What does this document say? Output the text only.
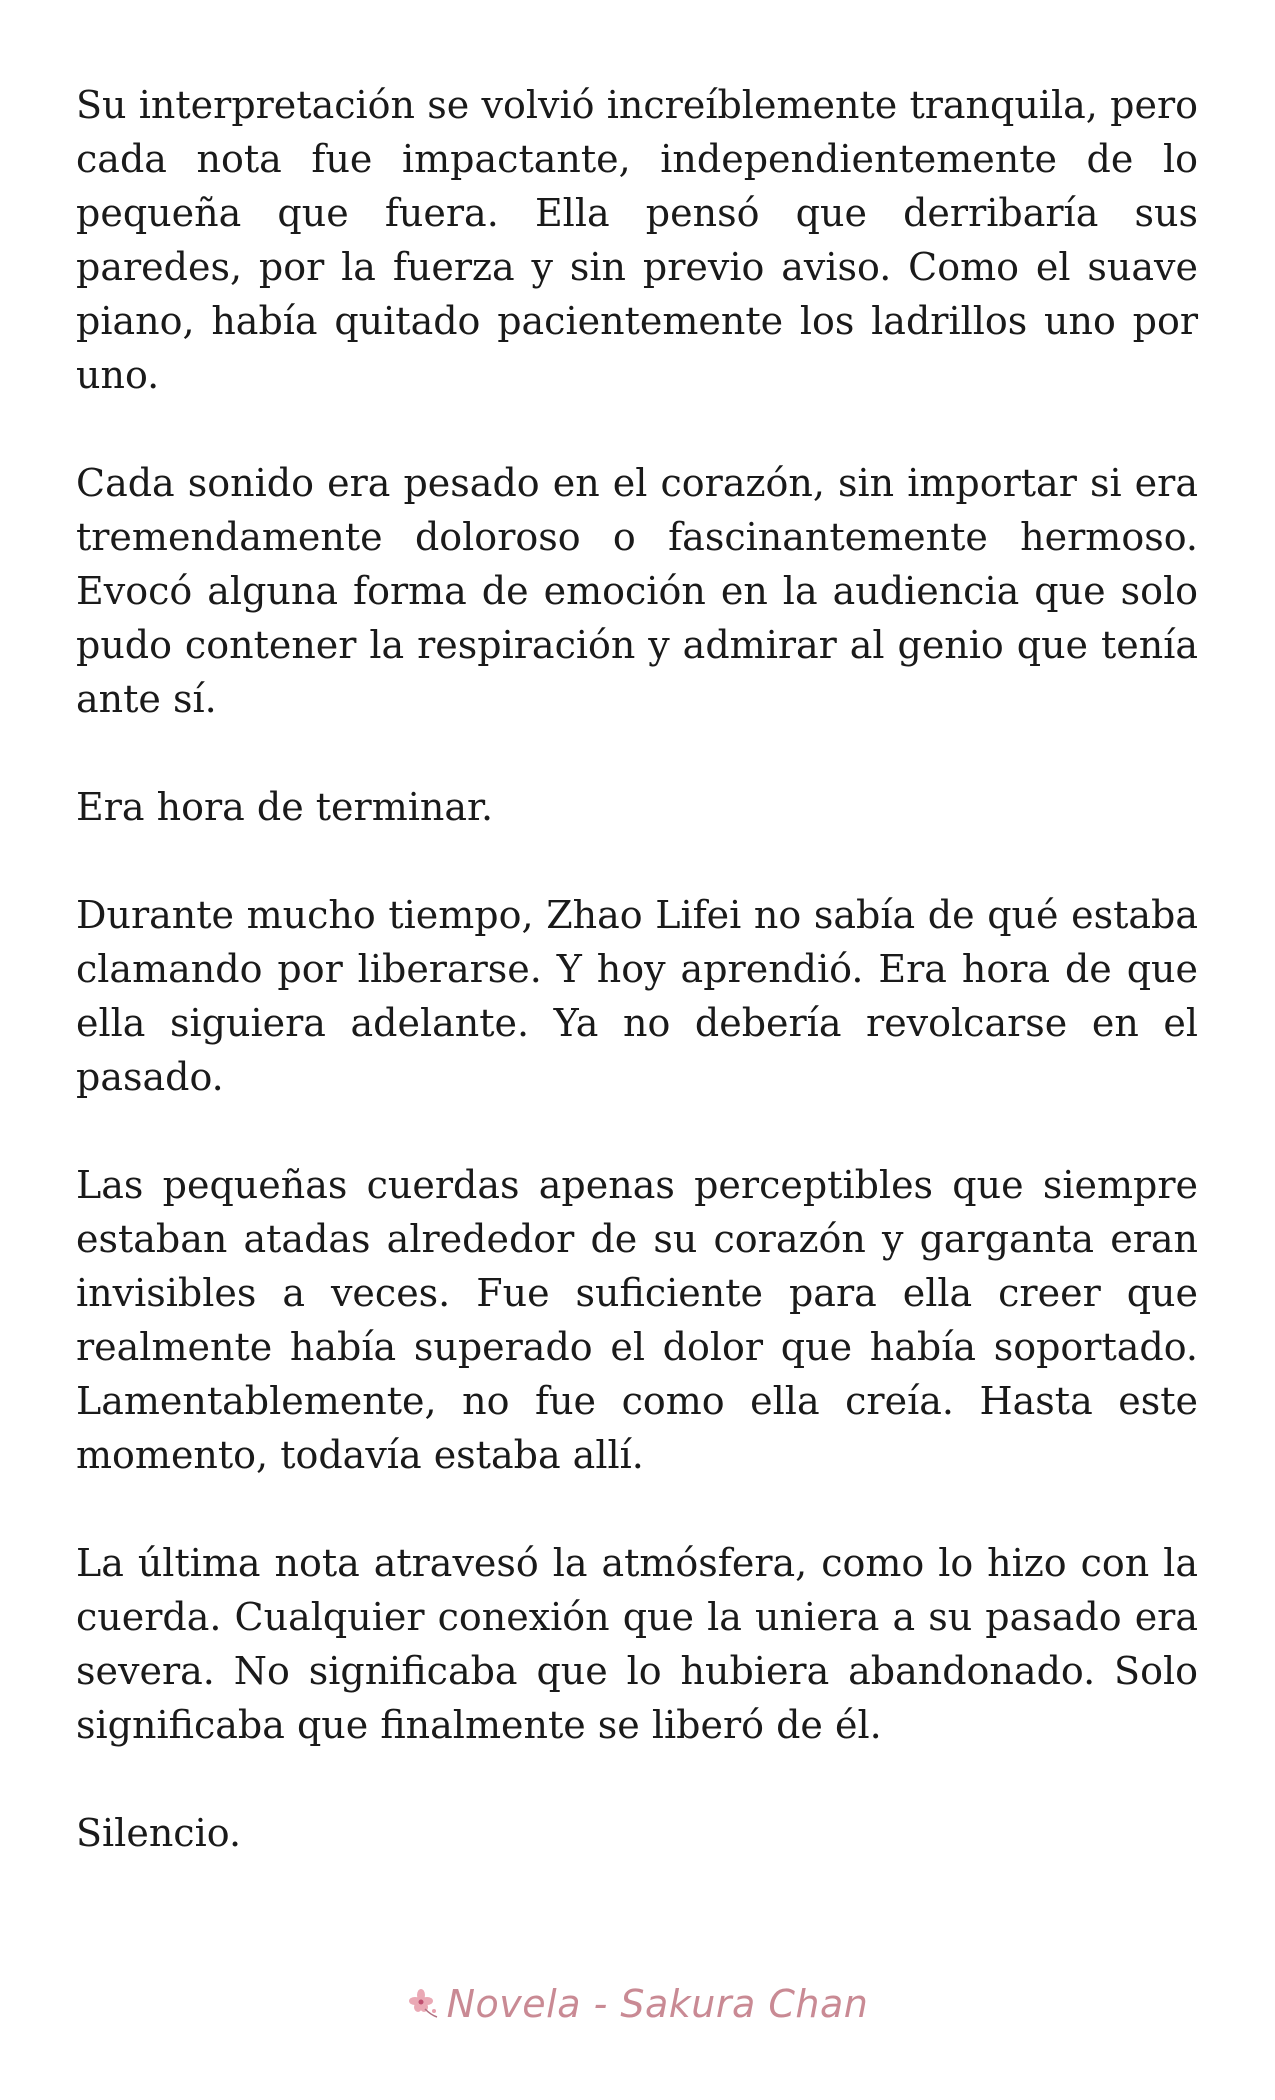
Su interpretación se volvió increíblemente tranquila, pero cada nota fue impactante, independientemente de lo pequeña que fuera. Ella pensó que derribaría sus paredes, por la fuerza y sin previo aviso. Como el suave piano, había quitado pacientemente los ladrillos uno por uno.

Cada sonido era pesado en el corazón, sin importar si era tremendamente doloroso o fascinantemente hermoso. Evocó alguna forma de emoción en la audiencia que solo pudo contener la respiración y admirar al genio que tenía ante sí.

Era hora de terminar.

Durante mucho tiempo, Zhao Lifei no sabía de qué estaba clamando por liberarse. Y hoy aprendió. Era hora de que ella siguiera adelante. Ya no debería revolcarse en el pasado.

Las pequeñas cuerdas apenas perceptibles que siempre estaban atadas alrededor de su corazón y garganta eran invisibles a veces. Fue suficiente para ella creer que realmente había superado el dolor que había soportado. Lamentablemente, no fue como ella creía. Hasta este momento, todavía estaba allí.

La última nota atravesó la atmósfera, como lo hizo con la cuerda. Cualquier conexión que la uniera a su pasado era severa. No significaba que lo hubiera abandonado. Solo significaba que finalmente se liberó de él.

Silencio.

Novela - Sakura Chan
